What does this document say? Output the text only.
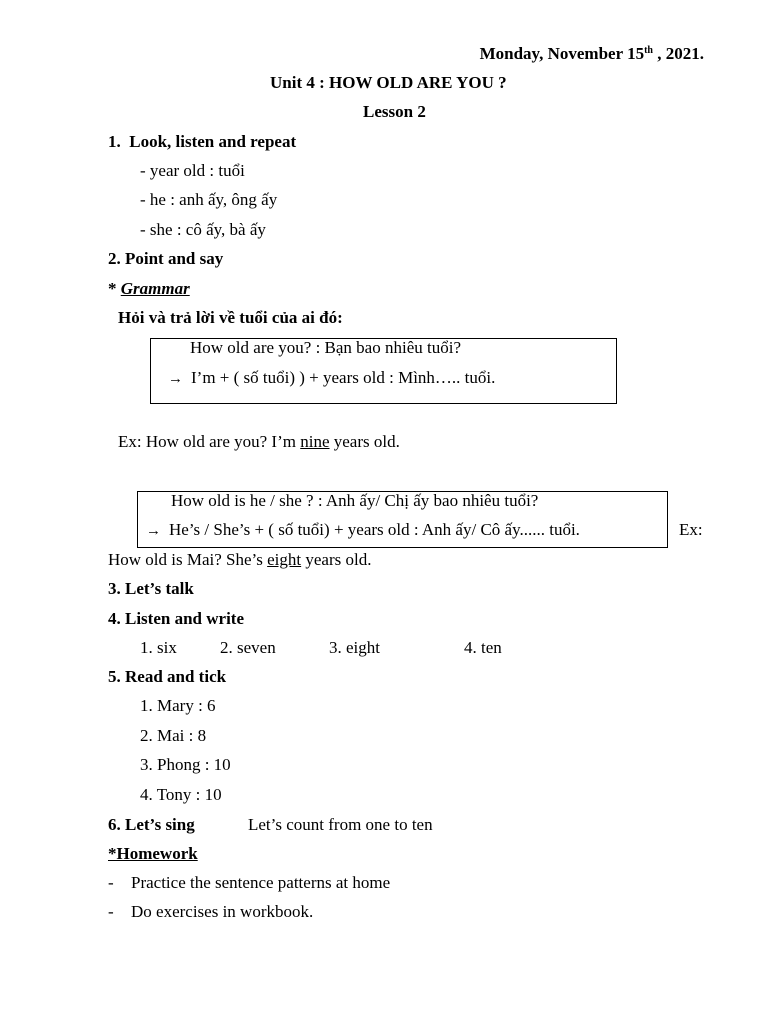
Monday, November 15th , 2021.
Unit 4 : HOW OLD ARE YOU ?
Lesson 2
1. Look, listen and repeat
- year old : tuổi
- he : anh ấy, ông ấy
- she : cô ấy, bà ấy
2. Point and say
* Grammar
Hỏi và trả lời về tuổi của ai đó:
How old are you? : Bạn bao nhiêu tuổi?
→ I’m + ( số tuổi) ) + years old : Mình….. tuổi.
Ex: How old are you? I’m nine years old.
How old is he / she ? : Anh ấy/ Chị ấy bao nhiêu tuổi?
→ He’s / She’s + ( số tuổi) + years old : Anh ấy/ Cô ấy...... tuổi.	Ex:
How old is Mai? She’s eight years old.
3. Let’s talk
4. Listen and write
1. six	2. seven	3. eight	4. ten
5. Read and tick
1. Mary : 6
2. Mai : 8
3. Phong : 10
4. Tony : 10
6. Let’s sing	Let’s count from one to ten
*Homework
- Practice the sentence patterns at home
- Do exercises in workbook.
